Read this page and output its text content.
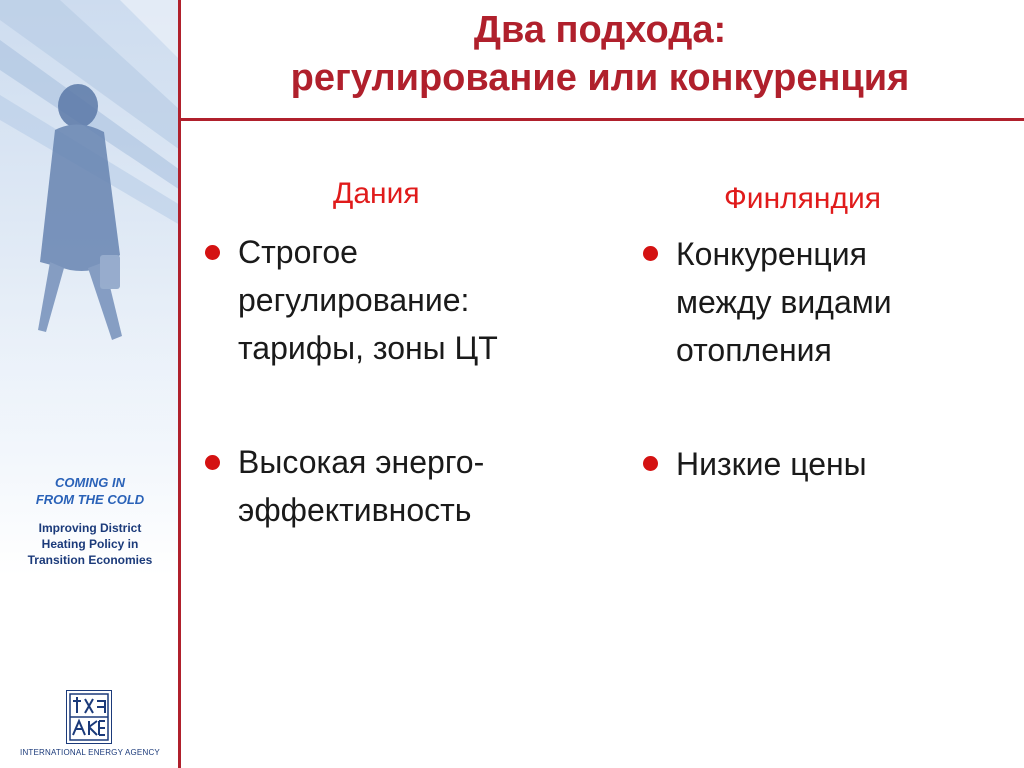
COMING IN
FROM THE COLD
Improving District
Heating Policy in
Transition Economies
INTERNATIONAL ENERGY AGENCY
Два подхода:
регулирование или конкуренция
Дания
Строгое
регулирование:
тарифы, зоны ЦТ
Высокая энерго-
эффективность
Финляндия
Конкуренция
между видами
отопления
Низкие цены
